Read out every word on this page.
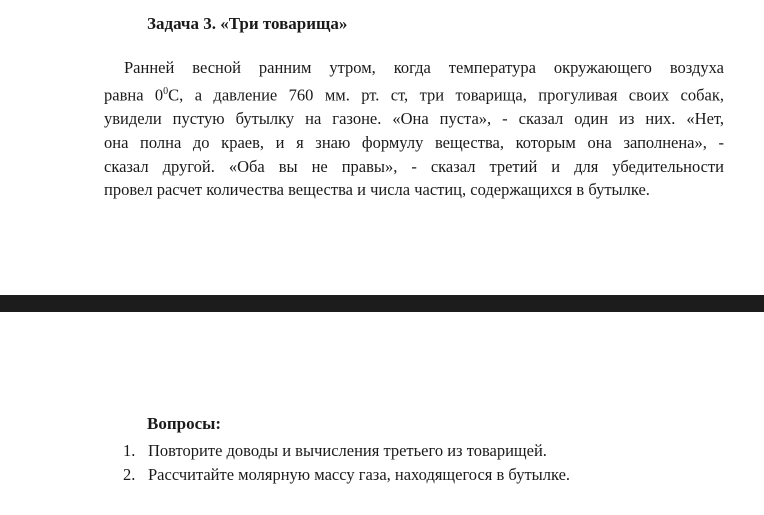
Задача 3. «Три товарища»

Ранней весной ранним утром, когда температура окружающего воздуха
равна $0^0С$, а давление 760 мм. рт. ст, три товарища, прогуливая своих собак,
увидели пустую бутылку на газоне. «Она пуста», - сказал один из них. «Нет,
она полна до краев, и я знаю формулу вещества, которым она заполнена», -
сказал другой. «Оба вы не правы», - сказал третий и для убедительности
провел расчет количества вещества и числа частиц, содержащихся в бутылке.

Вопросы:
1. Повторите доводы и вычисления третьего из товарищей.
2. Рассчитайте молярную массу газа, находящегося в бутылке.
